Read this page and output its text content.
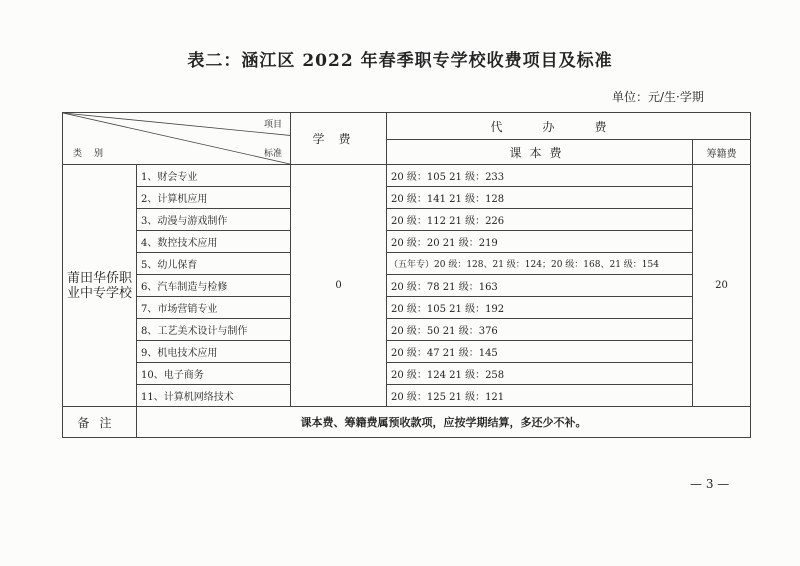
表二：涵江区 2022 年春季职专学校收费项目及标准
单位：元/生·学期
项目
标准
类别		学费	代办费	
			课本费	筹籍费
莆田华侨职业中专学校	1、财会专业	0	20 级：105 21 级：233	20
	2、计算机应用		20 级：141 21 级：128	
	3、动漫与游戏制作		20 级：112 21 级：226	
	4、数控技术应用		20 级：20 21 级：219	
	5、幼儿保育		（五年专）20 级：128、21 级：124；20 级：168、21 级：154	
	6、汽车制造与检修		20 级：78 21 级：163	
	7、市场营销专业		20 级：105 21 级：192	
	8、工艺美术设计与制作		20 级：50 21 级：376	
	9、机电技术应用		20 级：47 21 级：145	
	10、电子商务		20 级：124 21 级：258	
	11、计算机网络技术		20 级：125 21 级：121	
备注	课本费、筹籍费属预收款项，应按学期结算，多还少不补。			
— 3 —
